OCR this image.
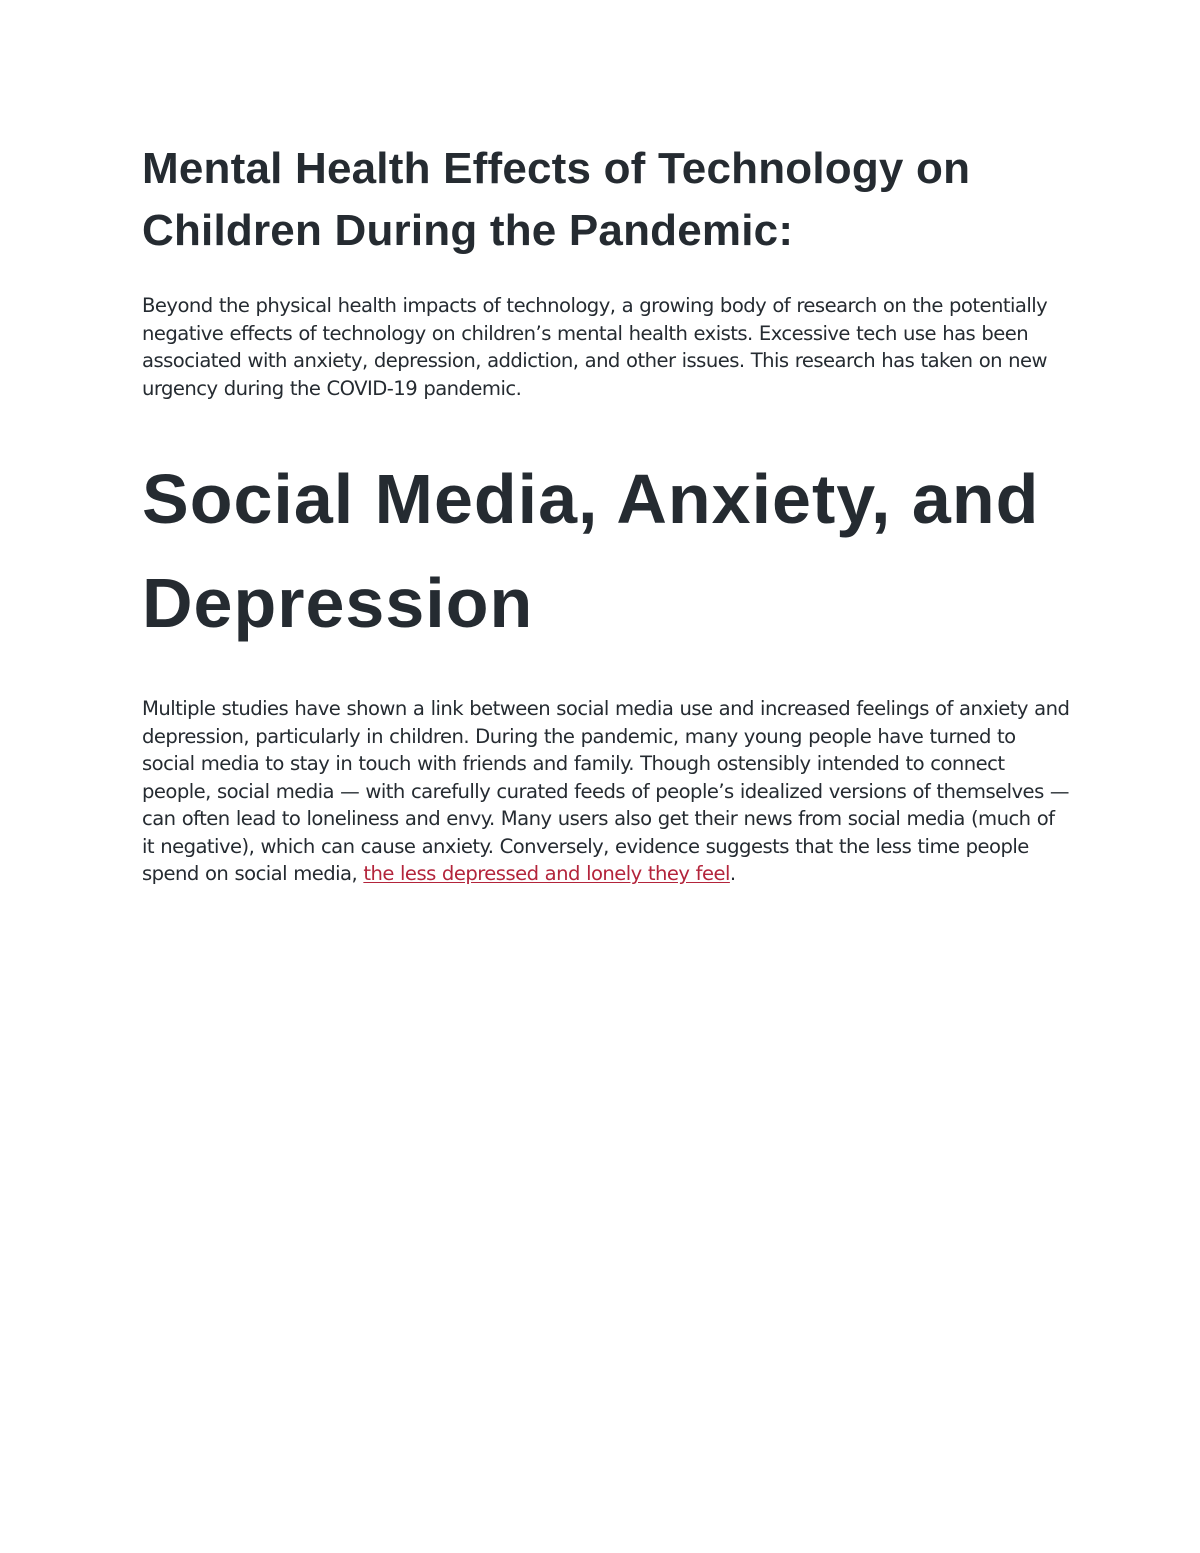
Mental Health Effects of Technology on Children During the Pandemic:

Beyond the physical health impacts of technology, a growing body of research on the potentially negative effects of technology on children’s mental health exists. Excessive tech use has been associated with anxiety, depression, addiction, and other issues. This research has taken on new urgency during the COVID-19 pandemic.

Social Media, Anxiety, and Depression

Multiple studies have shown a link between social media use and increased feelings of anxiety and depression, particularly in children. During the pandemic, many young people have turned to social media to stay in touch with friends and family. Though ostensibly intended to connect people, social media — with carefully curated feeds of people’s idealized versions of themselves — can often lead to loneliness and envy. Many users also get their news from social media (much of it negative), which can cause anxiety. Conversely, evidence suggests that the less time people spend on social media, the less depressed and lonely they feel.
